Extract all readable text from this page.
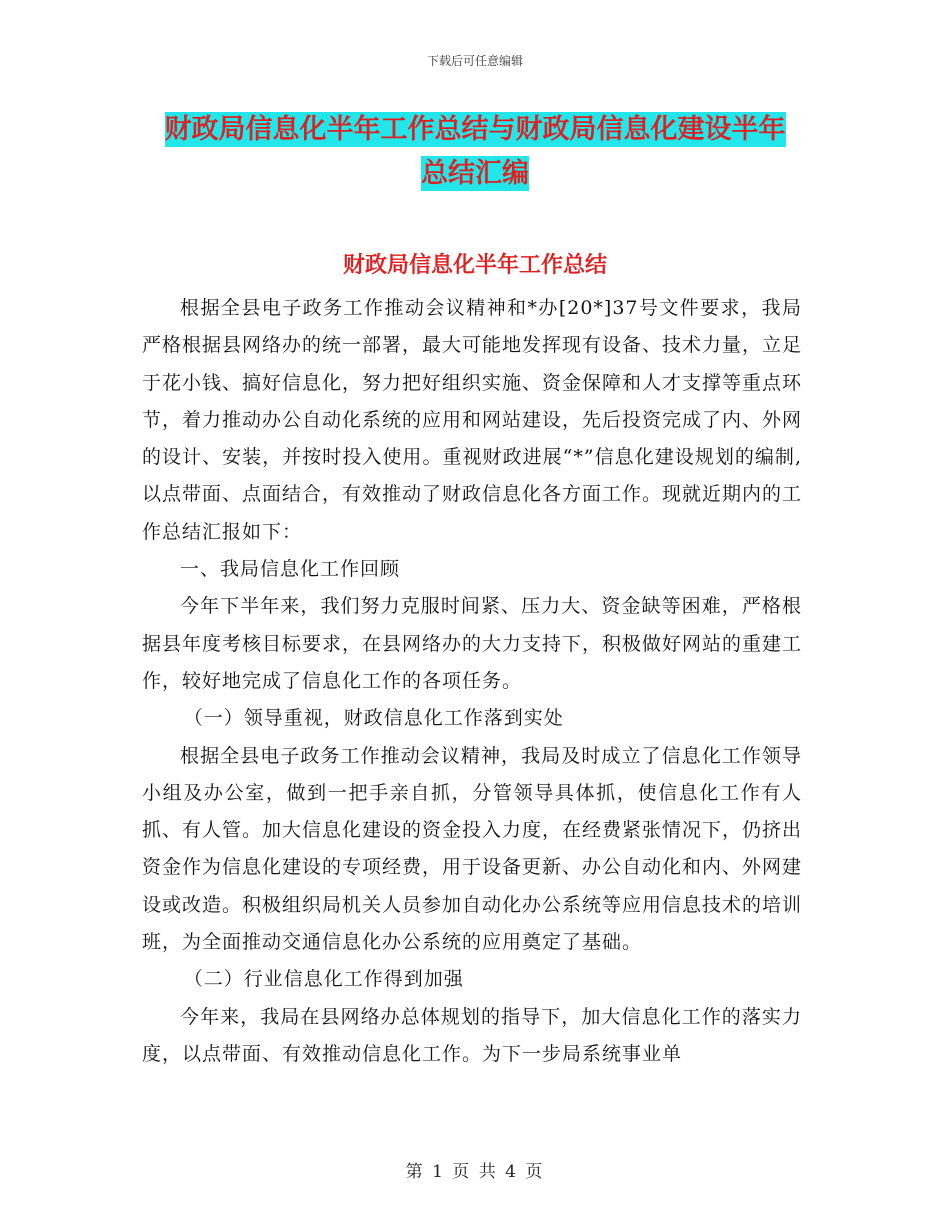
下载后可任意编辑
财政局信息化半年工作总结与财政局信息化建设半年
总结汇编
财政局信息化半年工作总结

根据全县电子政务工作推动会议精神和*办[20*]37号文件要求，我局严格根据县网络办的统一部署，最大可能地发挥现有设备、技术力量，立足于花小钱、搞好信息化，努力把好组织实施、资金保障和人才支撑等重点环节，着力推动办公自动化系统的应用和网站建设，先后投资完成了内、外网的设计、安装，并按时投入使用。重视财政进展“*”信息化建设规划的编制,以点带面、点面结合，有效推动了财政信息化各方面工作。现就近期内的工作总结汇报如下：

一、我局信息化工作回顾

今年下半年来，我们努力克服时间紧、压力大、资金缺等困难，严格根据县年度考核目标要求，在县网络办的大力支持下，积极做好网站的重建工作，较好地完成了信息化工作的各项任务。

（一）领导重视，财政信息化工作落到实处

根据全县电子政务工作推动会议精神，我局及时成立了信息化工作领导小组及办公室，做到一把手亲自抓，分管领导具体抓，使信息化工作有人抓、有人管。加大信息化建设的资金投入力度，在经费紧张情况下，仍挤出资金作为信息化建设的专项经费，用于设备更新、办公自动化和内、外网建设或改造。积极组织局机关人员参加自动化办公系统等应用信息技术的培训班，为全面推动交通信息化办公系统的应用奠定了基础。

（二）行业信息化工作得到加强

今年来，我局在县网络办总体规划的指导下，加大信息化工作的落实力度，以点带面、有效推动信息化工作。为下一步局系统事业单

第 1 页 共 4 页
